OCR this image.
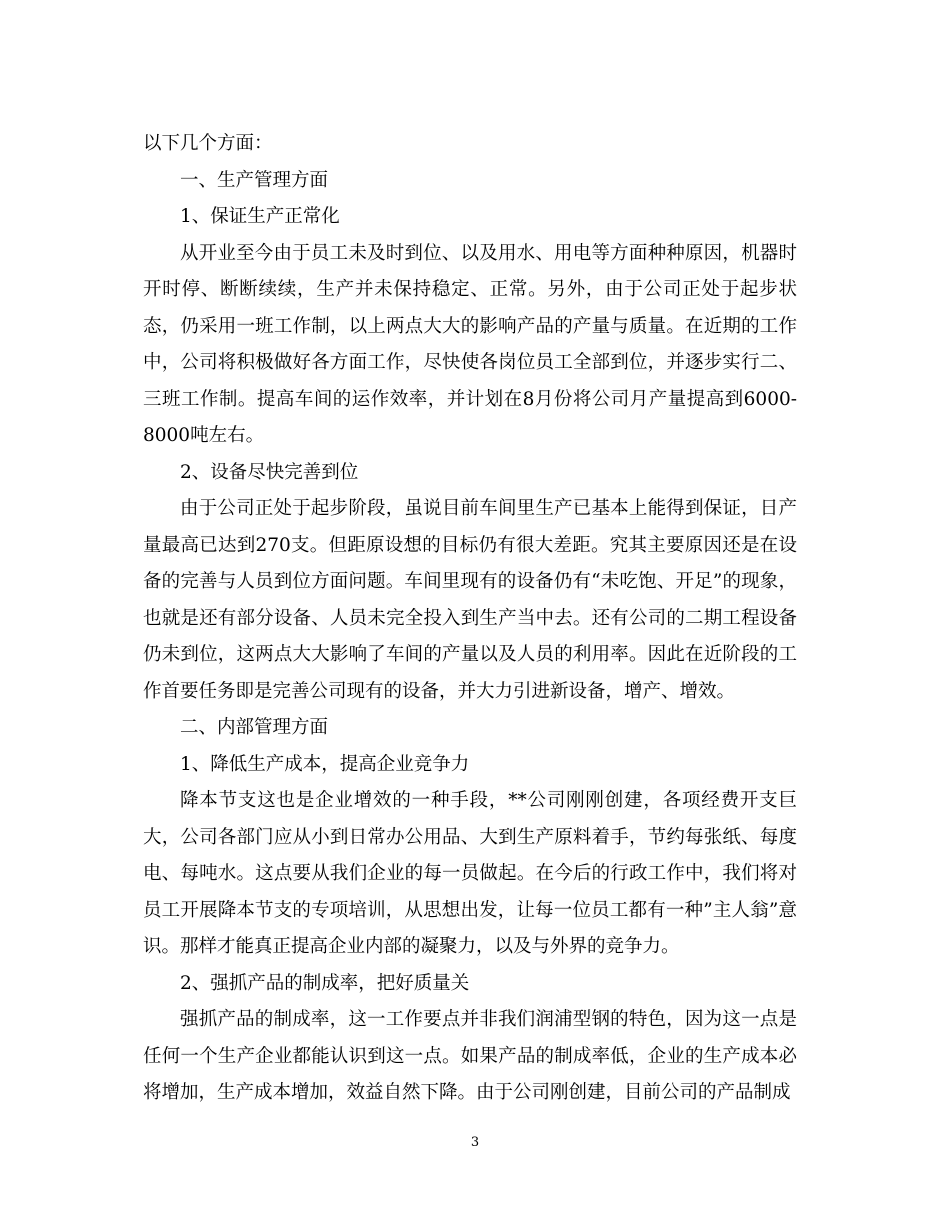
以下几个方面：

一、生产管理方面

1、保证生产正常化

从开业至今由于员工未及时到位、以及用水、用电等方面种种原因，机器时开时停、断断续续，生产并未保持稳定、正常。另外，由于公司正处于起步状态，仍采用一班工作制，以上两点大大的影响产品的产量与质量。在近期的工作中，公司将积极做好各方面工作，尽快使各岗位员工全部到位，并逐步实行二、三班工作制。提高车间的运作效率，并计划在8月份将公司月产量提高到6000-8000吨左右。

2、设备尽快完善到位

由于公司正处于起步阶段，虽说目前车间里生产已基本上能得到保证，日产量最高已达到270支。但距原设想的目标仍有很大差距。究其主要原因还是在设备的完善与人员到位方面问题。车间里现有的设备仍有“未吃饱、开足”的现象，也就是还有部分设备、人员未完全投入到生产当中去。还有公司的二期工程设备仍未到位，这两点大大影响了车间的产量以及人员的利用率。因此在近阶段的工作首要任务即是完善公司现有的设备，并大力引进新设备，增产、增效。

二、内部管理方面

1、降低生产成本，提高企业竞争力

降本节支这也是企业增效的一种手段，**公司刚刚创建，各项经费开支巨大，公司各部门应从小到日常办公用品、大到生产原料着手，节约每张纸、每度电、每吨水。这点要从我们企业的每一员做起。在今后的行政工作中，我们将对员工开展降本节支的专项培训，从思想出发，让每一位员工都有一种”主人翁”意识。那样才能真正提高企业内部的凝聚力，以及与外界的竞争力。

2、强抓产品的制成率，把好质量关

强抓产品的制成率，这一工作要点并非我们润浦型钢的特色，因为这一点是任何一个生产企业都能认识到这一点。如果产品的制成率低，企业的生产成本必将增加，生产成本增加，效益自然下降。由于公司刚创建，目前公司的产品制成

3
